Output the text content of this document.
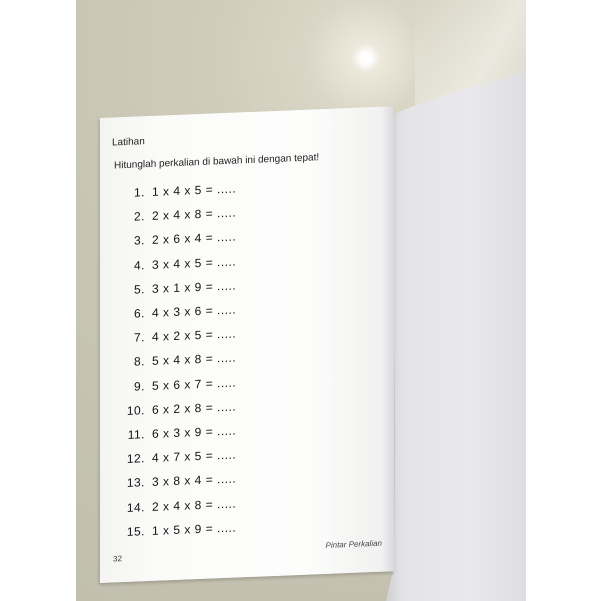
Latihan
Hitunglah perkalian di bawah ini dengan tepat!
1. 1 x 4 x 5 = .....
2. 2 x 4 x 8 = .....
3. 2 x 6 x 4 = .....
4. 3 x 4 x 5 = .....
5. 3 x 1 x 9 = .....
6. 4 x 3 x 6 = .....
7. 4 x 2 x 5 = .....
8. 5 x 4 x 8 = .....
9. 5 x 6 x 7 = .....
10. 6 x 2 x 8 = .....
11. 6 x 3 x 9 = .....
12. 4 x 7 x 5 = .....
13. 3 x 8 x 4 = .....
14. 2 x 4 x 8 = .....
15. 1 x 5 x 9 = .....
32
Pintar Perkalian
